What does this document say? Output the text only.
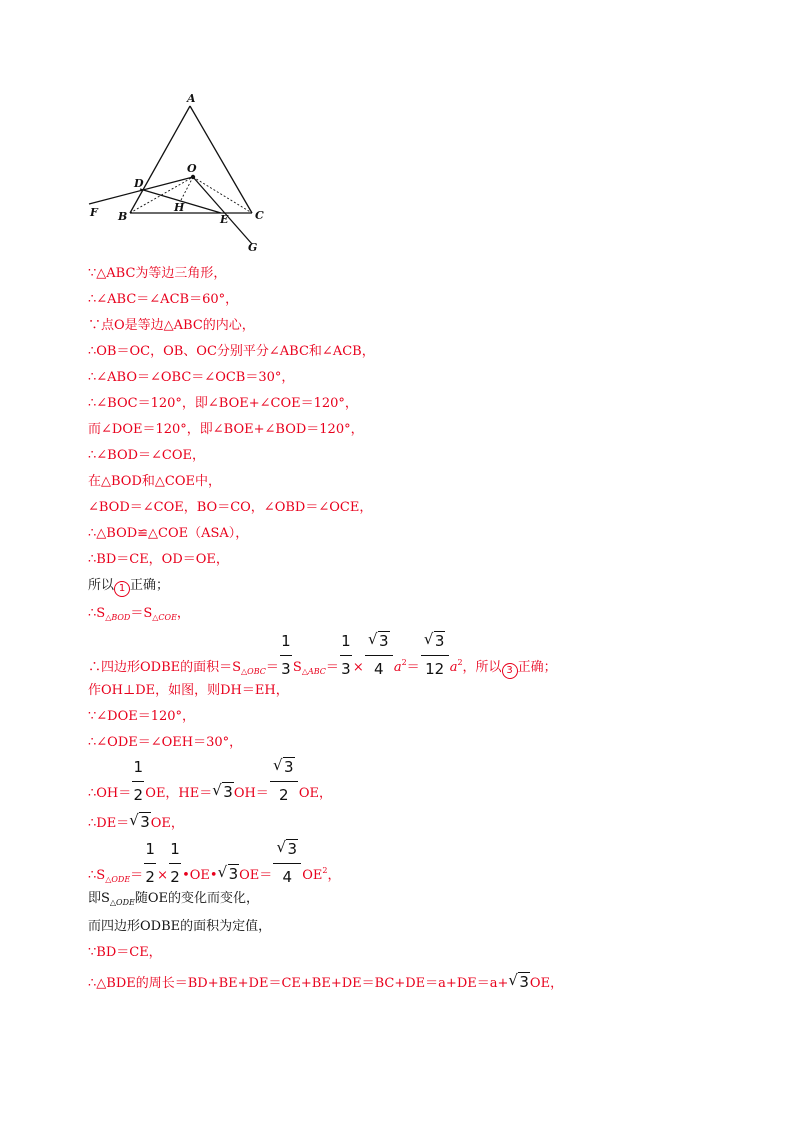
A
O
D
F B
H
E C
G
∵△ABC为等边三角形，
∴∠ABC＝∠ACB＝60°，
∵点O是等边△ABC的内心，
∴OB＝OC，OB、OC分别平分∠ABC和∠ACB，
∴∠ABO＝∠OBC＝∠OCB＝30°，
∴∠BOC＝120°，即∠BOE+∠COE＝120°，
而∠DOE＝120°，即∠BOE+∠BOD＝120°，
∴∠BOD＝∠COE，
在△BOD和△COE中，
∠BOD＝∠COE，BO＝CO，∠OBD＝∠OCE，
∴△BOD≌△COE（ASA），
∴BD＝CE，OD＝OE，
所以 1 正确；
$\therefore S_{\triangle BOD}=S_{\triangle COE}$，
∴四边形ODBE的面积$=S_{\triangle OBC}= \frac{1}{3} S_{\triangle ABC}= \frac{1}{3}$ × √ $\frac{3}{4} a^2=$ √ $\frac{3}{12} a^2$，所以 3 正确；
作OH⊥DE，如图，则DH＝EH，
∵∠DOE＝120°，
∴∠ODE＝∠OEH＝30°，
∴OH＝ $\frac{1}{2}$ OE，HE＝ √ 3OH＝ √ $\frac{3}{2}$ OE，
∴DE＝ √ 3OE，
$\therefore S_{\triangle ODE}= \frac{1}{2} \times \frac{1}{2}$ •OE• √ 3OE＝ √ $\frac{3}{4} OE^2$，
即$S_{\triangle ODE}$随OE的变化而变化，
而四边形ODBE的面积为定值，
∵BD＝CE，
∴△BDE的周长＝BD+BE+DE＝CE+BE+DE＝BC+DE＝a+DE＝a+ √ 3OE，
